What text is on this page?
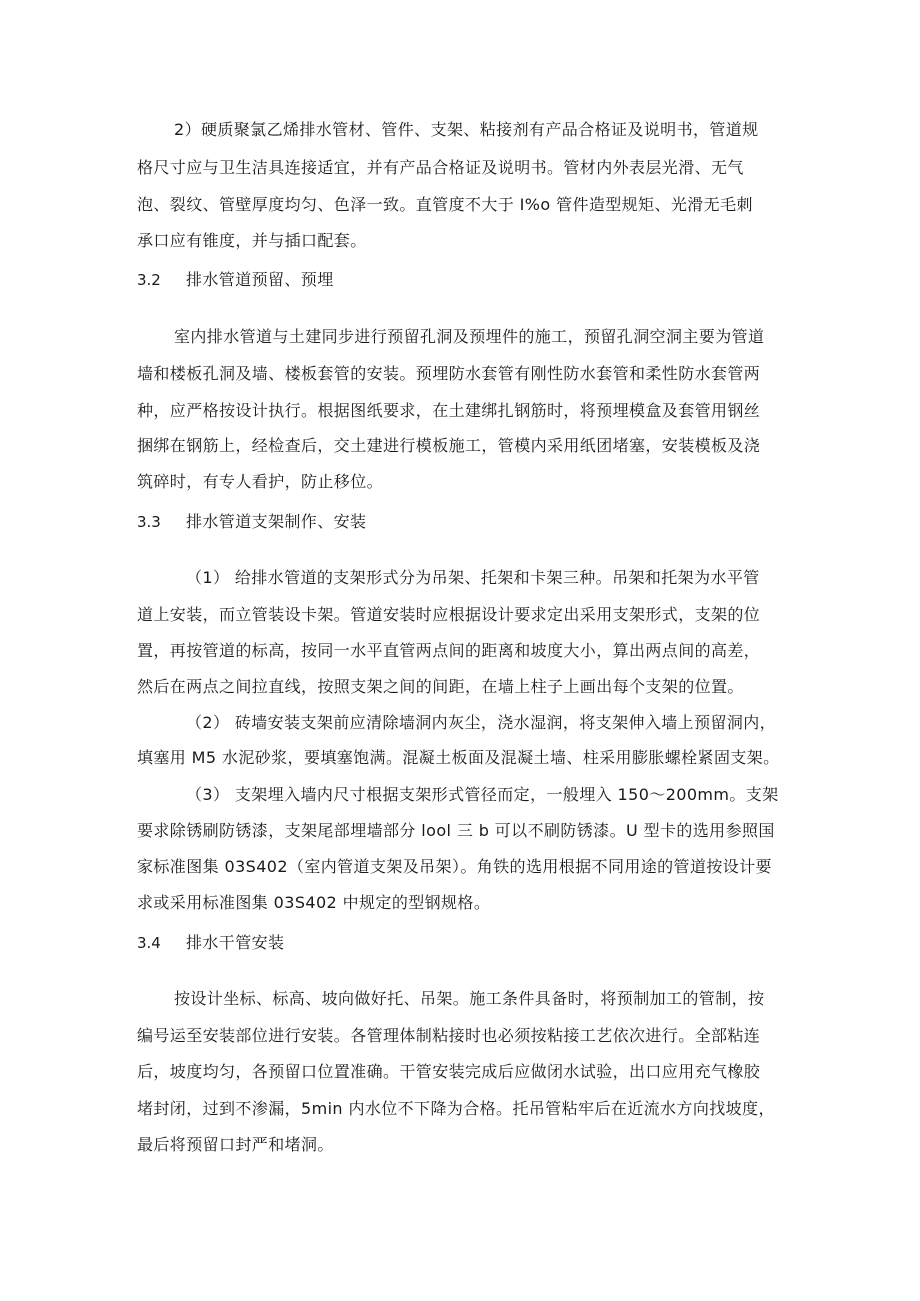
2）硬质聚氯乙烯排水管材、管件、支架、粘接剂有产品合格证及说明书，管道规
格尺寸应与卫生洁具连接适宜，并有产品合格证及说明书。管材内外表层光滑、无气
泡、裂纹、管壁厚度均匀、色泽一致。直管度不大于 I%o 管件造型规矩、光滑无毛刺
承口应有锥度，并与插口配套。
3.2 排水管道预留、预埋
室内排水管道与土建同步进行预留孔洞及预埋件的施工，预留孔洞空洞主要为管道
墙和楼板孔洞及墙、楼板套管的安装。预埋防水套管有刚性防水套管和柔性防水套管两
种，应严格按设计执行。根据图纸要求，在土建绑扎钢筋时，将预埋模盒及套管用钢丝
捆绑在钢筋上，经检查后，交土建进行模板施工，管模内采用纸团堵塞，安装模板及浇
筑碎时，有专人看护，防止移位。
3.3 排水管道支架制作、安装
（1） 给排水管道的支架形式分为吊架、托架和卡架三种。吊架和托架为水平管
道上安装，而立管装设卡架。管道安装时应根据设计要求定出采用支架形式，支架的位
置，再按管道的标高，按同一水平直管两点间的距离和坡度大小，算出两点间的高差，
然后在两点之间拉直线，按照支架之间的间距，在墙上柱子上画出每个支架的位置。
（2） 砖墙安装支架前应清除墙洞内灰尘，浇水湿润，将支架伸入墙上预留洞内，
填塞用 M5 水泥砂浆，要填塞饱满。混凝土板面及混凝土墙、柱采用膨胀螺栓紧固支架。
（3） 支架埋入墙内尺寸根据支架形式管径而定，一般埋入 150～200mm。支架
要求除锈刷防锈漆，支架尾部埋墙部分 lool 三 b 可以不刷防锈漆。U 型卡的选用参照国
家标准图集 03S402（室内管道支架及吊架）。角铁的选用根据不同用途的管道按设计要
求或采用标准图集 03S402 中规定的型钢规格。
3.4 排水干管安装
按设计坐标、标高、坡向做好托、吊架。施工条件具备时，将预制加工的管制，按
编号运至安装部位进行安装。各管理体制粘接时也必须按粘接工艺依次进行。全部粘连
后，坡度均匀，各预留口位置准确。干管安装完成后应做闭水试验，出口应用充气橡胶
堵封闭，过到不渗漏，5min 内水位不下降为合格。托吊管粘牢后在近流水方向找坡度，
最后将预留口封严和堵洞。
